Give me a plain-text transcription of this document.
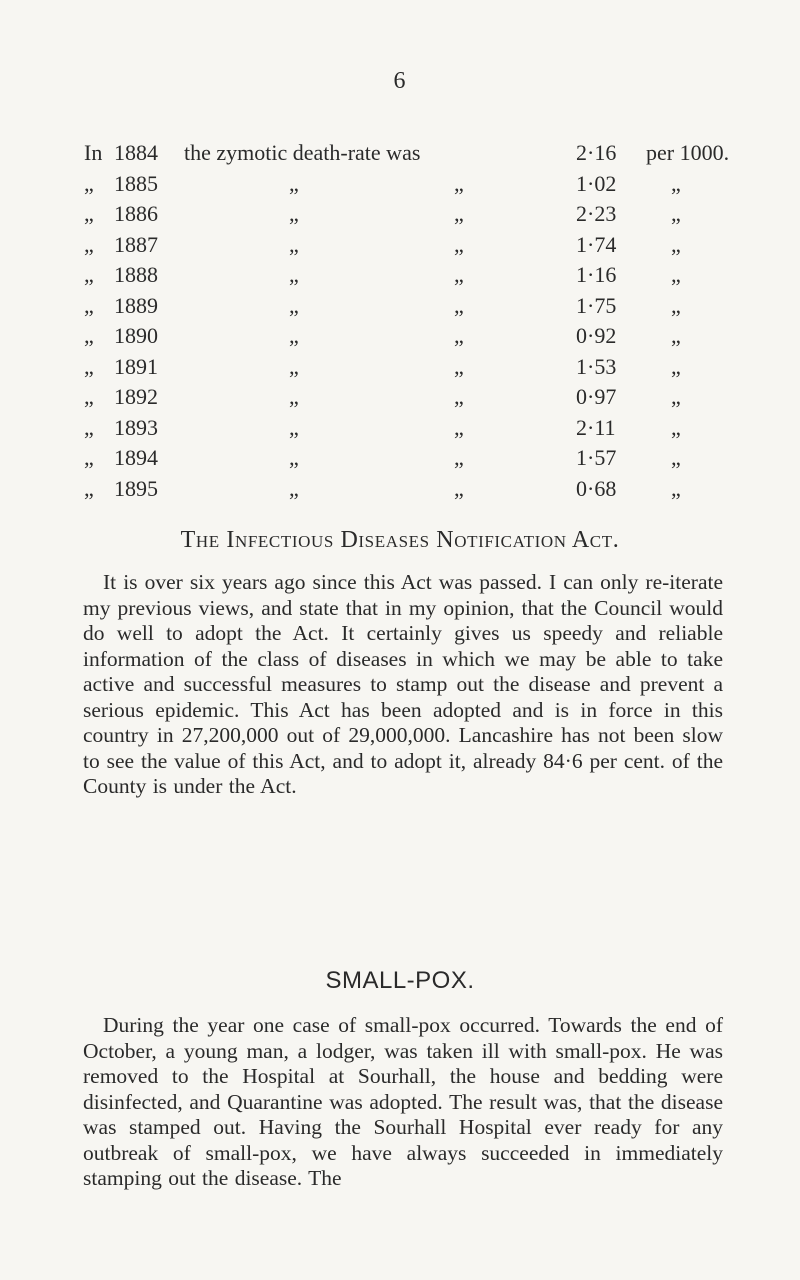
6
In 1884 the zymotic death-rate was	2·16 per 1000.
„ 1885	„	„	1·02 „
„ 1886	„	„	2·23 „
„ 1887	„	„	1·74 „
„ 1888	„	„	1·16 „
„ 1889	„	„	1·75 „
„ 1890	„	„	0·92 „
„ 1891	„	„	1·53 „
„ 1892	„	„	0·97 „
„ 1893	„	„	2·11	„
„ 1894	„	„	1·57 „
„ 1895	„	„	0·68 „
The Infectious Diseases Notification Act.

It is over six years ago since this Act was passed. I can only re-iterate my previous views, and state that in my opinion, that the Council would do well to adopt the Act. It certainly gives us speedy and reliable information of the class of diseases in which we may be able to take active and successful measures to stamp out the disease and prevent a serious epidemic. This Act has been adopted and is in force in this country in 27,200,000 out of 29,000,000. Lancashire has not been slow to see the value of this Act, and to adopt it, already 84·6 per cent. of the County is under the Act.

SMALL-POX.

During the year one case of small-pox occurred. Towards the end of October, a young man, a lodger, was taken ill with small-pox. He was removed to the Hospital at Sourhall, the house and bedding were disinfected, and Quarantine was adopted. The result was, that the disease was stamped out. Having the Sourhall Hospital ever ready for any outbreak of small-pox, we have always succeeded in immediately stamping out the disease. The
